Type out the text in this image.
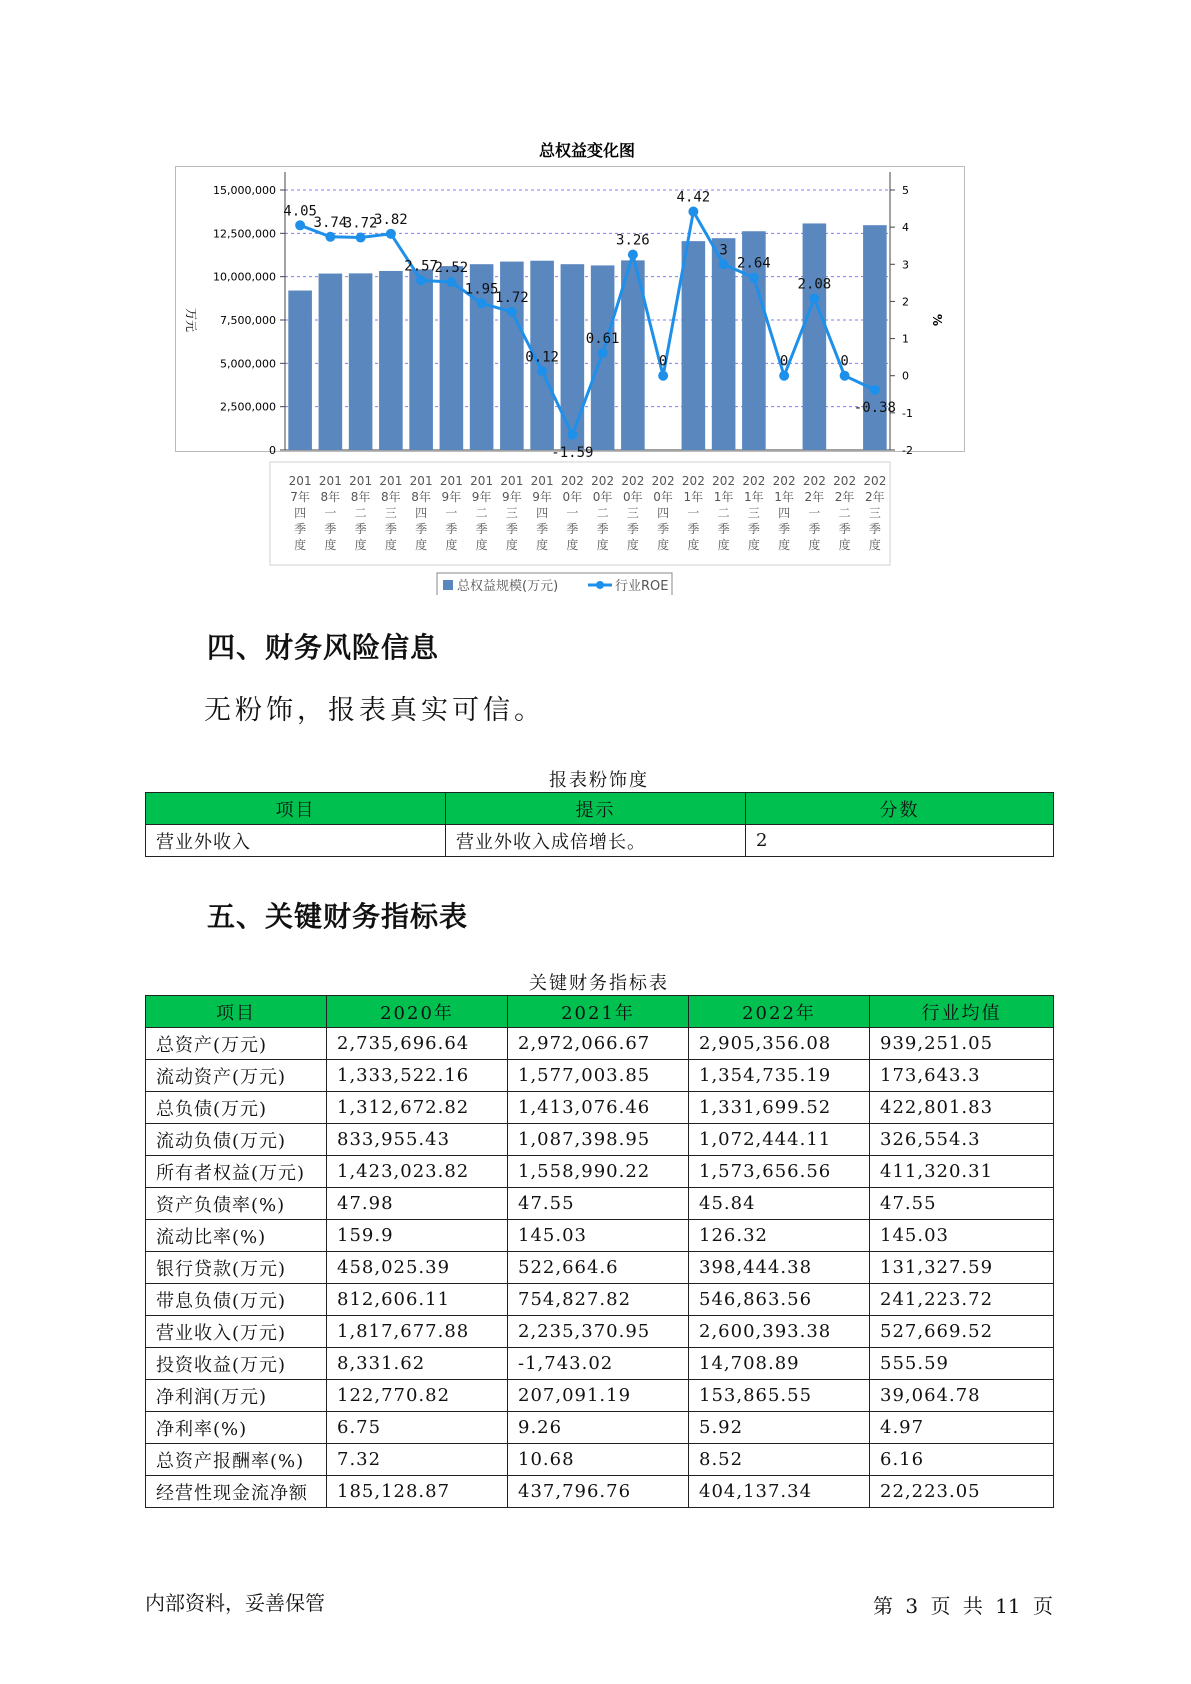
总权益变化图
0
2,500,000
5,000,000
7,500,000
10,000,000
12,500,000
15,000,000
-2
-1
0
1
2
3
4
5
万元	%
201
7年
四
季
度
201
8年
一
季
度
201
8年
二
季
度
201
8年
三
季
度
201
8年
四
季
度
201
9年
一
季
度
201
9年
二
季
度
201
9年
三
季
度
201
9年
四
季
度
202
0年
一
季
度
202
0年
二
季
度
202
0年
三
季
度
202
0年
四
季
度
202
1年
一
季
度
202
1年
二
季
度
202
1年
三
季
度
202
1年
四
季
度
202
2年
一
季
度
202
2年
二
季
度
202
2年
三
季
度
4.05
3.74
3.72
3.82
2.57
2.52
1.95
1.72
0.12
-1.59
0.61
3.26
0
4.42
3
2.64
0
2.08
0
-0.38
总权益规模(万元)	行业ROE
四、财务风险信息
无粉饰，报表真实可信。
报表粉饰度
项目	提示	分数
营业外收入	营业外收入成倍增长。	2
五、关键财务指标表
关键财务指标表
项目	2020年	2021年	2022年	行业均值
总资产(万元)	2,735,696.64	2,972,066.67	2,905,356.08	939,251.05
流动资产(万元)	1,333,522.16	1,577,003.85	1,354,735.19	173,643.3
总负债(万元)	1,312,672.82	1,413,076.46	1,331,699.52	422,801.83
流动负债(万元)	833,955.43	1,087,398.95	1,072,444.11	326,554.3
所有者权益(万元)	1,423,023.82	1,558,990.22	1,573,656.56	411,320.31
资产负债率(%)	47.98	47.55	45.84	47.55
流动比率(%)	159.9	145.03	126.32	145.03
银行贷款(万元)	458,025.39	522,664.6	398,444.38	131,327.59
带息负债(万元)	812,606.11	754,827.82	546,863.56	241,223.72
营业收入(万元)	1,817,677.88	2,235,370.95	2,600,393.38	527,669.52
投资收益(万元)	8,331.62	-1,743.02	14,708.89	555.59
净利润(万元)	122,770.82	207,091.19	153,865.55	39,064.78
净利率(%)	6.75	9.26	5.92	4.97
总资产报酬率(%)	7.32	10.68	8.52	6.16
经营性现金流净额	185,128.87	437,796.76	404,137.34	22,223.05
内部资料，妥善保管	第 3 页 共 11 页
